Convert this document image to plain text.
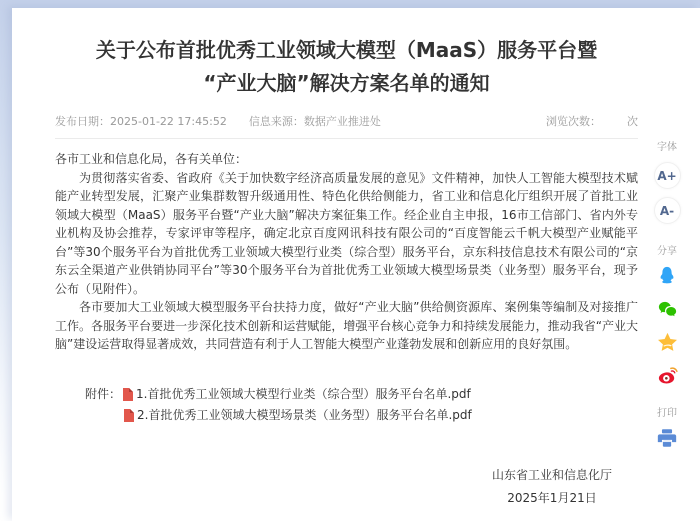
关于公布首批优秀工业领域大模型（MaaS）服务平台暨
“产业大脑”解决方案名单的通知
发布日期：2025-01-22 17:45:52 信息来源：数据产业推进处	浏览次数： 次

各市工业和信息化局，各有关单位：

为贯彻落实省委、省政府《关于加快数字经济高质量发展的意见》文件精神，加快人工智能大模型技术赋能产业转型发展，汇聚产业集群数智升级通用性、特色化供给侧能力，省工业和信息化厅组织开展了首批工业领域大模型（MaaS）服务平台暨“产业大脑”解决方案征集工作。经企业自主申报，16市工信部门、省内外专业机构及协会推荐，专家评审等程序，确定北京百度网讯科技有限公司的“百度智能云千帆大模型产业赋能平台”等30个服务平台为首批优秀工业领域大模型行业类（综合型）服务平台，京东科技信息技术有限公司的“京东云全渠道产业供销协同平台”等30个服务平台为首批优秀工业领域大模型场景类（业务型）服务平台，现予公布（见附件）。

各市要加大工业领域大模型服务平台扶持力度，做好“产业大脑”供给侧资源库、案例集等编制及对接推广工作。各服务平台要进一步深化技术创新和运营赋能，增强平台核心竞争力和持续发展能力，推动我省“产业大脑”建设运营取得显著成效，共同营造有利于人工智能大模型产业蓬勃发展和创新应用的良好氛围。

附件： 1.首批优秀工业领域大模型行业类（综合型）服务平台名单.pdf
2.首批优秀工业领域大模型场景类（业务型）服务平台名单.pdf
山东省工业和信息化厅
2025年1月21日
字体
A+
A-
分享
打印
